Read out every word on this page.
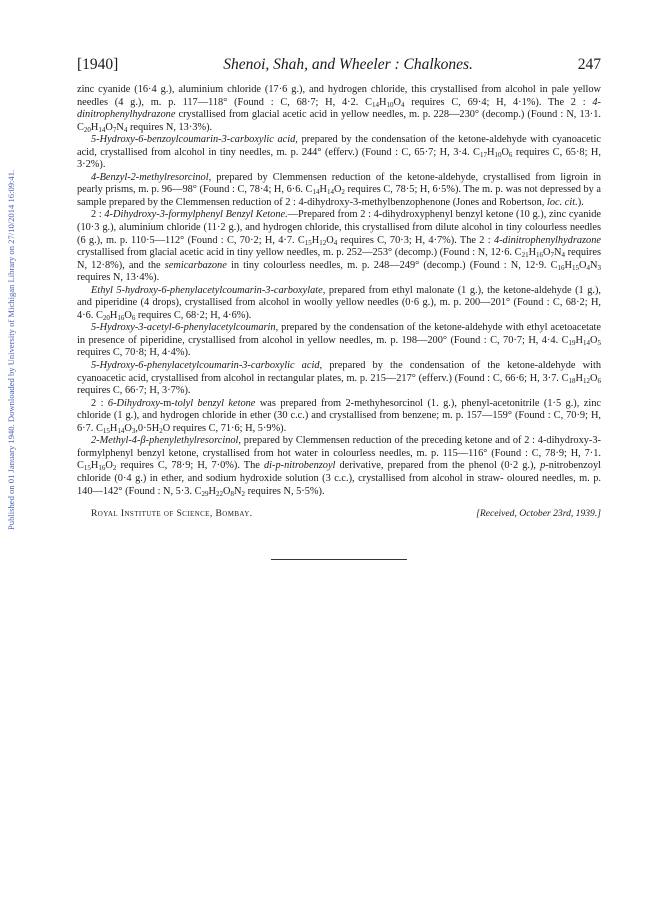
Published on 01 January 1940. Downloaded by University of Michigan Library on 27/10/2014 16:09:41.
[1940]	Shenoi, Shah, and Wheeler : Chalkones.	247

zinc cyanide (16·4 g.), aluminium chloride (17·6 g.), and hydrogen chloride, this crystallised from alcohol in pale yellow needles (4 g.), m. p. 117—118° (Found : C, 68·7; H, 4·2. $C_{14}H_{10}O_4$ requires C, 69·4; H, 4·1%). The 2 : 4-dinitrophenylhydrazone crystallised from glacial acetic acid in yellow needles, m. p. 228—230° (decomp.) (Found : N, 13·1. $C_{20}H_{14}O_7N_4$ requires N, 13·3%).

5-Hydroxy-6-benzoylcoumarin-3-carboxylic acid, prepared by the condensation of the ketone-aldehyde with cyanoacetic acid, crystallised from alcohol in tiny needles, m. p. 244° (efferv.) (Found : C, 65·7; H, 3·4. $C_{17}H_{10}O_6$ requires C, 65·8; H, 3·2%).

4-Benzyl-2-methylresorcinol, prepared by Clemmensen reduction of the ketone-aldehyde, crystallised from ligroin in pearly prisms, m. p. 96—98° (Found : C, 78·4; H, 6·6. $C_{14}H_{14}O_2$ requires C, 78·5; H, 6·5%). The m. p. was not depressed by a sample prepared by the Clemmensen reduction of 2 : 4-dihydroxy-3-methylbenzophenone (Jones and Robertson, loc. cit.).

2 : 4-Dihydroxy-3-formylphenyl Benzyl Ketone.—Prepared from 2 : 4-dihydroxyphenyl benzyl ketone (10 g.), zinc cyanide (10·3 g.), aluminium chloride (11·2 g.), and hydrogen chloride, this crystallised from dilute alcohol in tiny colourless needles (6 g.), m. p. 110·5—112° (Found : C, 70·2; H, 4·7. $C_{15}H_{12}O_4$ requires C, 70·3; H, 4·7%). The 2 : 4-dinitrophenylhydrazone crystallised from glacial acetic acid in tiny yellow needles, m. p. 252—253° (decomp.) (Found : N, 12·6. $C_{21}H_{16}O_7N_4$ requires N, 12·8%), and the semicarbazone in tiny colourless needles, m. p. 248—249° (decomp.) (Found : N, 12·9. $C_{16}H_{15}O_4N_3$ requires N, 13·4%).

Ethyl 5-hydroxy-6-phenylacetylcoumarin-3-carboxylate, prepared from ethyl malonate (1 g.), the ketone-aldehyde (1 g.), and piperidine (4 drops), crystallised from alcohol in woolly yellow needles (0·6 g.), m. p. 200—201° (Found : C, 68·2; H, 4·6. $C_{20}H_{16}O_6$ requires C, 68·2; H, 4·6%).

5-Hydroxy-3-acetyl-6-phenylacetylcoumarin, prepared by the condensation of the ketone-aldehyde with ethyl acetoacetate in presence of piperidine, crystallised from alcohol in yellow needles, m. p. 198—200° (Found : C, 70·7; H, 4·4. $C_{19}H_{14}O_5$ requires C, 70·8; H, 4·4%).

5-Hydroxy-6-phenylacetylcoumarin-3-carboxylic acid, prepared by the condensation of the ketone-aldehyde with cyanoacetic acid, crystallised from alcohol in rectangular plates, m. p. 215—217° (efferv.) (Found : C, 66·6; H, 3·7. $C_{18}H_{12}O_6$ requires C, 66·7; H, 3·7%).

2 : 6-Dihydroxy-m-tolyl benzyl ketone was prepared from 2-methyhesorcinol (1. g.), phenyl-acetonitrile (1·5 g.), zinc chloride (1 g.), and hydrogen chloride in ether (30 c.c.) and crystallised from benzene; m. p. 157—159° (Found : C, 70·9; H, 6·7. $C_{15}H_{14}O_3,0\cdot 5H_2O$ requires C, 71·6; H, 5·9%).

2-Methyl-4-β-phenylethylresorcinol, prepared by Clemmensen reduction of the preceding ketone and of 2 : 4-dihydroxy-3-formylphenyl benzyl ketone, crystallised from hot water in colourless needles, m. p. 115—116° (Found : C, 78·9; H, 7·1. $C_{15}H_{16}O_2$ requires C, 78·9; H, 7·0%). The di-p-nitrobenzoyl derivative, prepared from the phenol (0·2 g.), p-nitrobenzoyl chloride (0·4 g.) in ether, and sodium hydroxide solution (3 c.c.), crystallised from alcohol in straw- oloured needles, m. p. 140—142° (Found : N, 5·3. $C_{29}H_{22}O_8N_2$ requires N, 5·5%).

Royal Institute of Science, Bombay.	[Received, October 23rd, 1939.]
